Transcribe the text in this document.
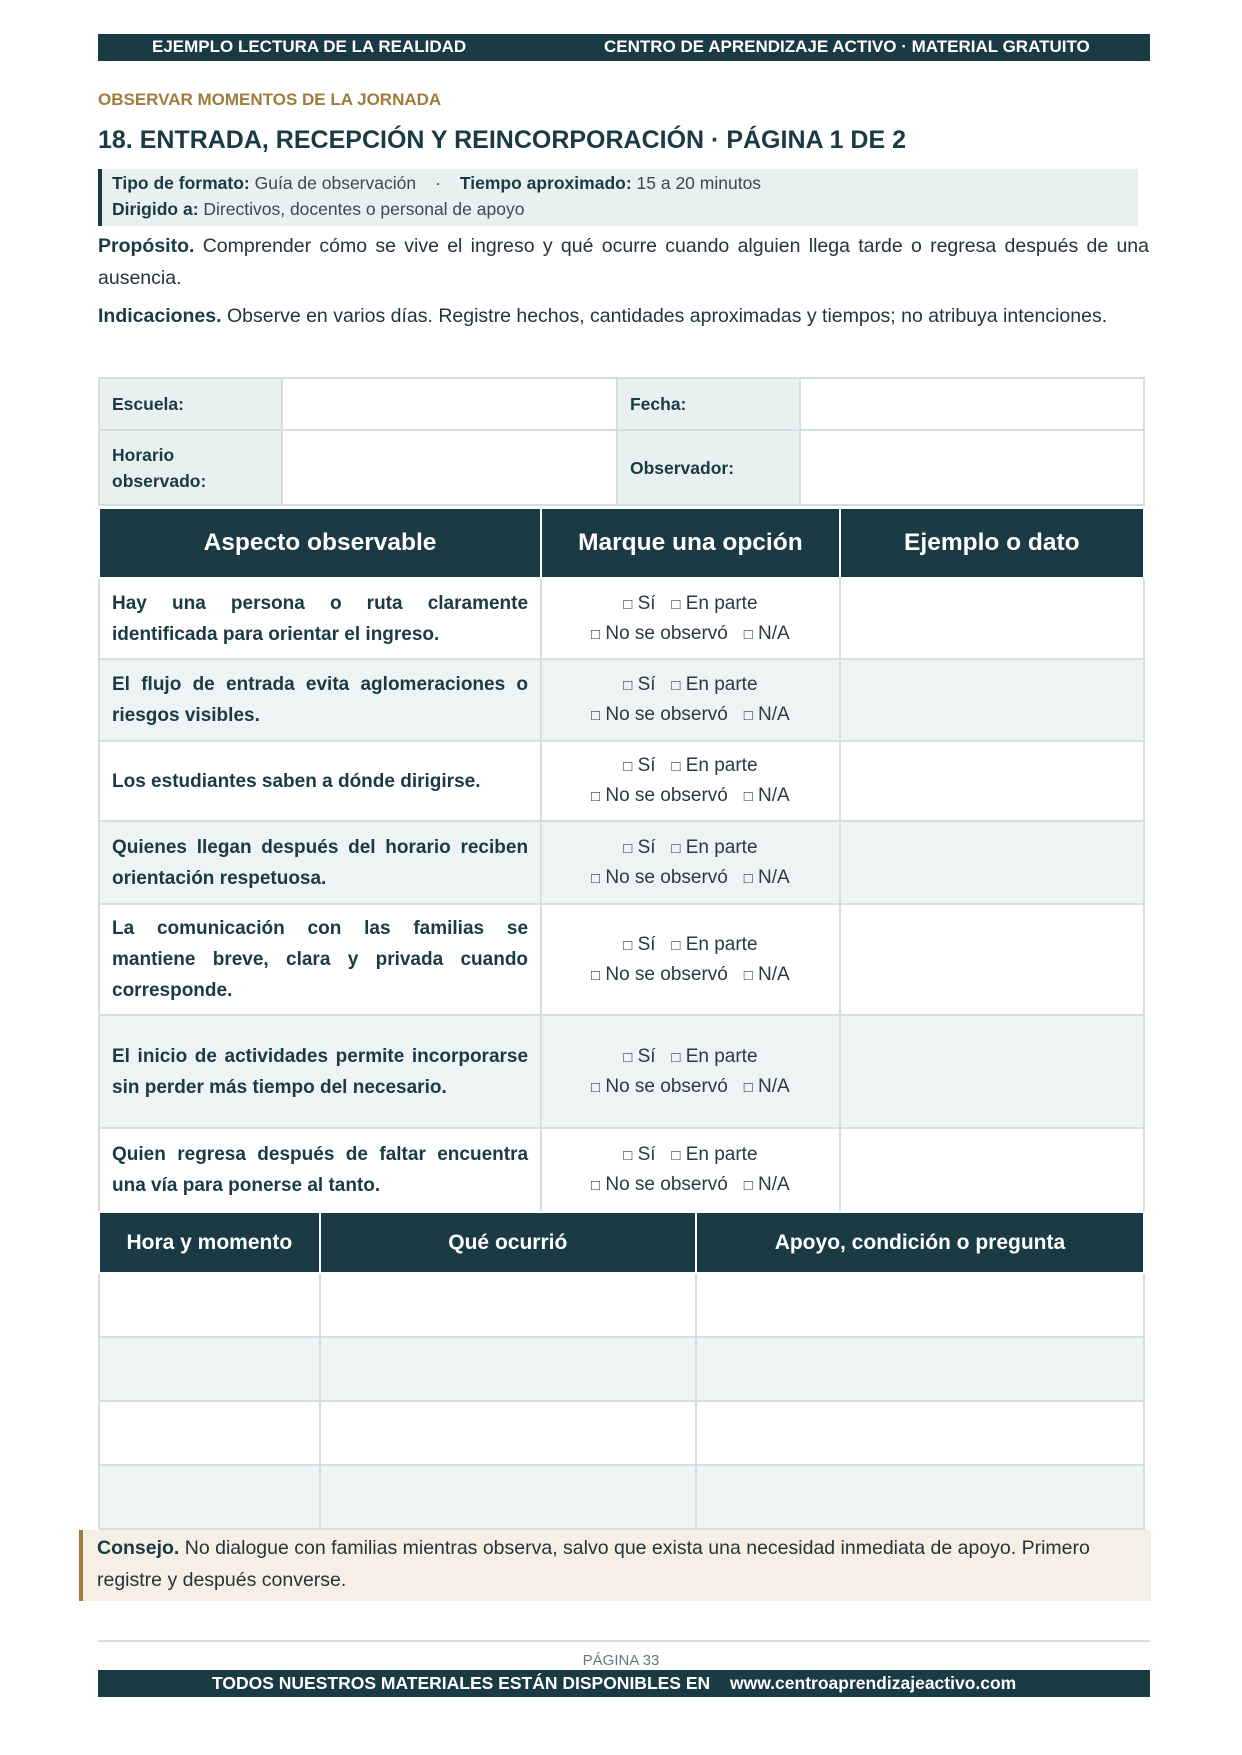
EJEMPLO LECTURA DE LA REALIDAD	CENTRO DE APRENDIZAJE ACTIVO · MATERIAL GRATUITO
OBSERVAR MOMENTOS DE LA JORNADA
18. ENTRADA, RECEPCIÓN Y REINCORPORACIÓN · PÁGINA 1 DE 2
Tipo de formato: Guía de observación · Tiempo aproximado: 15 a 20 minutos
Dirigido a: Directivos, docentes o personal de apoyo
Propósito. Comprender cómo se vive el ingreso y qué ocurre cuando alguien llega tarde o regresa después de una ausencia.
Indicaciones. Observe en varios días. Registre hechos, cantidades aproximadas y tiempos; no atribuya intenciones.
Escuela:		Fecha:	
Horario observado:		Observador:	
Aspecto observable	Marque una opción	Ejemplo o dato
Hay una persona o ruta claramente identificada para orientar el ingreso.	□ Sí □ En parte
□ No se observó □ N/A	

El flujo de entrada evita aglomeraciones o riesgos visibles.	□ Sí □ En parte
□ No se observó □ N/A	

Los estudiantes saben a dónde dirigirse.	□ Sí □ En parte
□ No se observó □ N/A	

Quienes llegan después del horario reciben orientación respetuosa.	□ Sí □ En parte
□ No se observó □ N/A	

La comunicación con las familias se mantiene breve, clara y privada cuando corresponde.	□ Sí □ En parte
□ No se observó □ N/A	

El inicio de actividades permite incorporarse sin perder más tiempo del necesario.	□ Sí □ En parte
□ No se observó □ N/A	

Quien regresa después de faltar encuentra una vía para ponerse al tanto.	□ Sí □ En parte
□ No se observó □ N/A	

Hora y momento	Qué ocurrió	Apoyo, condición o pregunta

Consejo. No dialogue con familias mientras observa, salvo que exista una necesidad inmediata de apoyo. Primero registre y después converse.
PÁGINA 33
TODOS NUESTROS MATERIALES ESTÁN DISPONIBLES EN www.centroaprendizajeactivo.com
